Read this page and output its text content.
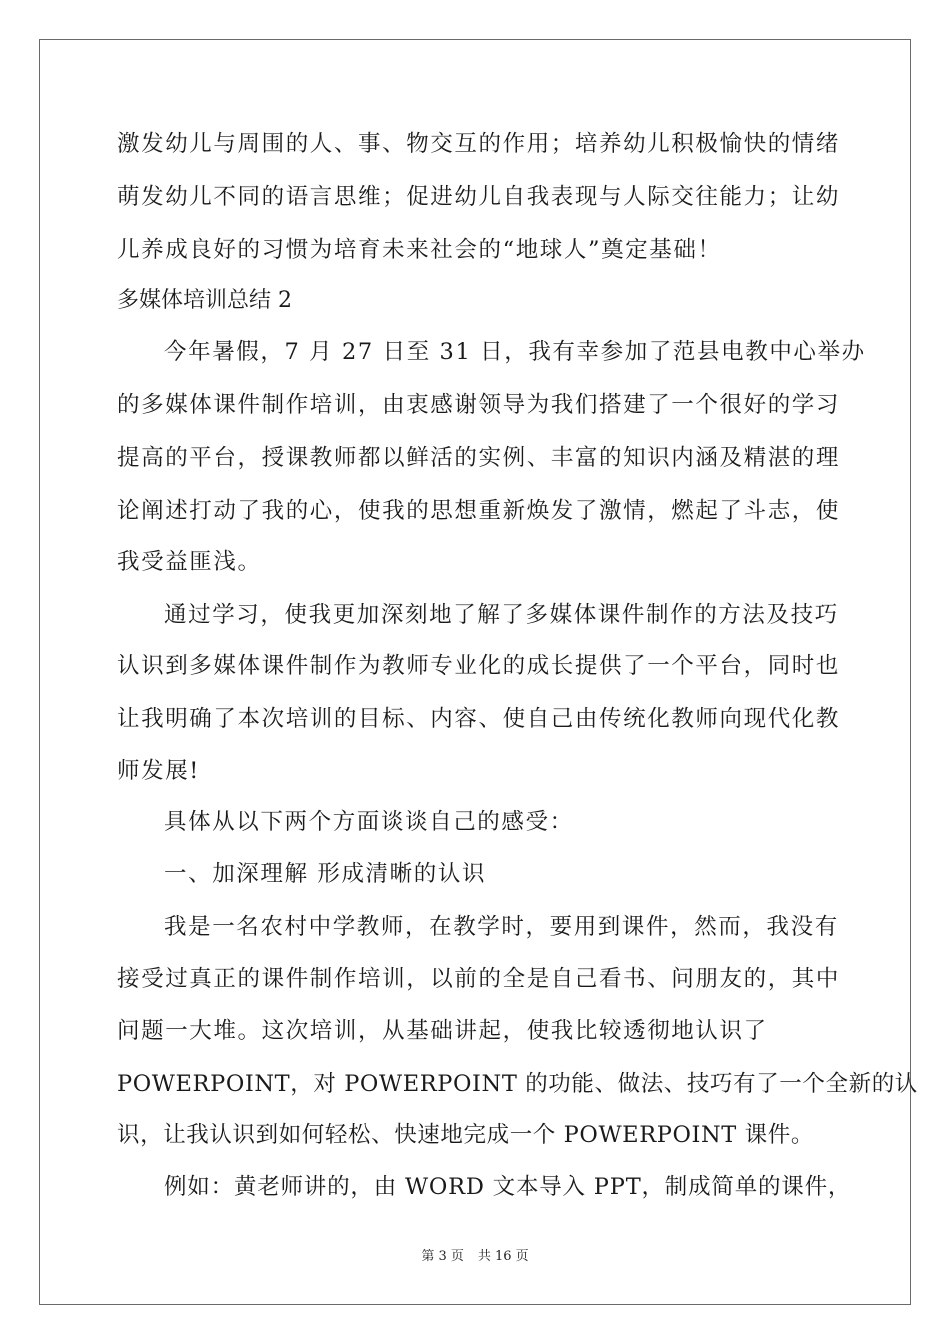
激发幼儿与周围的人、事、物交互的作用；培养幼儿积极愉快的情绪
萌发幼儿不同的语言思维；促进幼儿自我表现与人际交往能力；让幼
儿养成良好的习惯为培育未来社会的“地球人”奠定基础！
多媒体培训总结 2
今年暑假，7 月 27 日至 31 日，我有幸参加了范县电教中心举办
的多媒体课件制作培训，由衷感谢领导为我们搭建了一个很好的学习
提高的平台，授课教师都以鲜活的实例、丰富的知识内涵及精湛的理
论阐述打动了我的心，使我的思想重新焕发了激情，燃起了斗志，使
我受益匪浅。
通过学习，使我更加深刻地了解了多媒体课件制作的方法及技巧
认识到多媒体课件制作为教师专业化的成长提供了一个平台，同时也
让我明确了本次培训的目标、内容、使自己由传统化教师向现代化教
师发展!
具体从以下两个方面谈谈自己的感受：
一、加深理解 形成清晰的认识
我是一名农村中学教师，在教学时，要用到课件，然而，我没有
接受过真正的课件制作培训，以前的全是自己看书、问朋友的，其中
问题一大堆。这次培训，从基础讲起，使我比较透彻地认识了
POWERPOINT，对 POWERPOINT 的功能、做法、技巧有了一个全新的认
识，让我认识到如何轻松、快速地完成一个 POWERPOINT 课件。
例如：黄老师讲的，由 WORD 文本导入 PPT，制成简单的课件，
第 3 页 共 16 页
